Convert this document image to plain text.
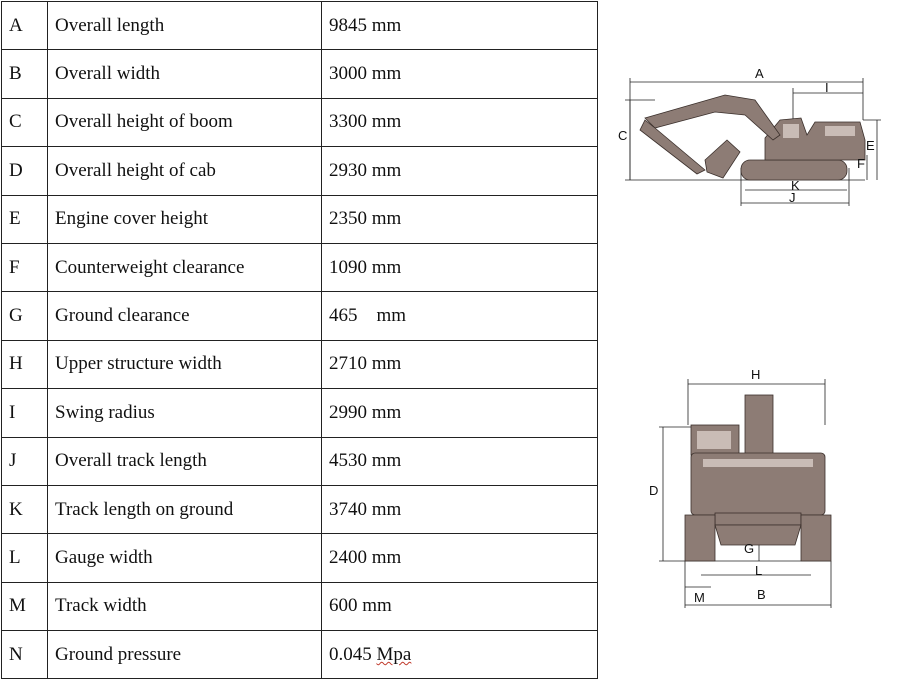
A	Overall length	9845 mm
B	Overall width	3000 mm
C	Overall height of boom	3300 mm
D	Overall height of cab	2930 mm
E	Engine cover height	2350 mm
F	Counterweight clearance	1090 mm
G	Ground clearance	465    mm
H	Upper structure width	2710 mm
I	Swing radius	2990 mm
J	Overall track length	4530 mm
K	Track length on ground	3740 mm
L	Gauge width	2400 mm
M	Track width	600 mm
N	Ground pressure	0.045 Mpa
A
I
C
E
F
K
J
H
D
G
L
M	B
